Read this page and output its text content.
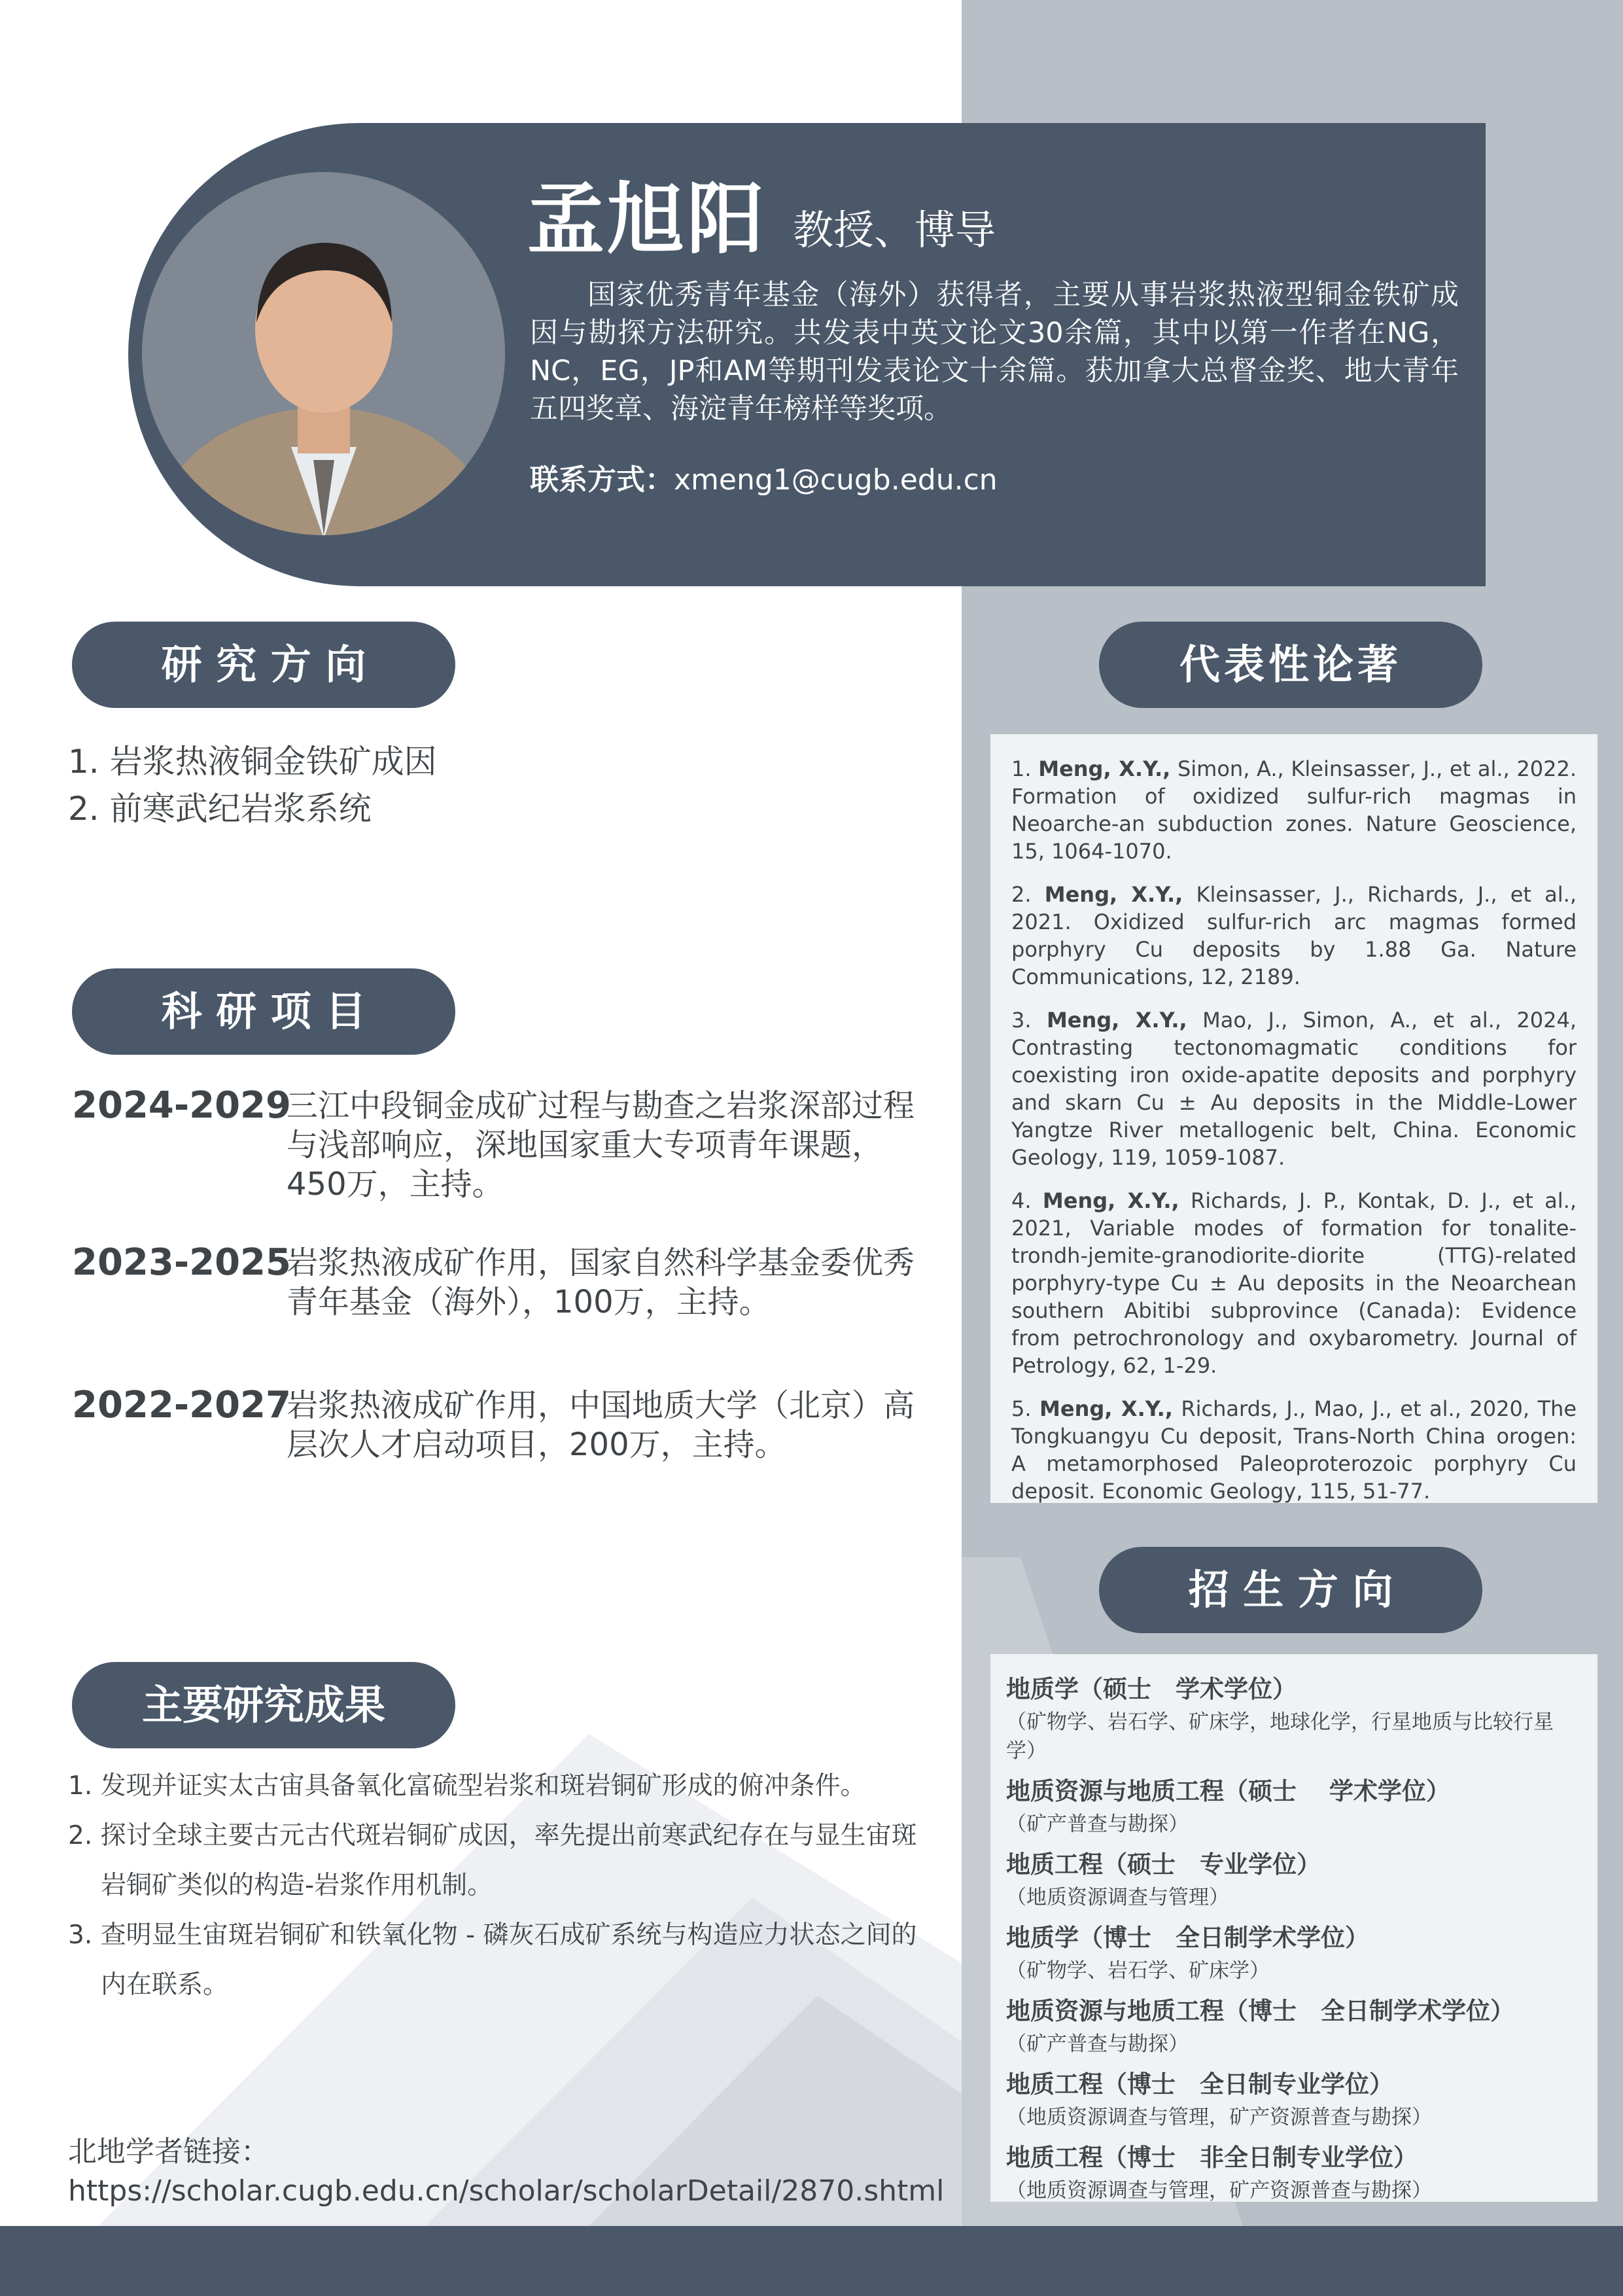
孟旭阳 教授、博导
国家优秀青年基金（海外）获得者，主要从事岩浆热液型铜金铁矿成因与勘探方法研究。共发表中英文论文30余篇，其中以第一作者在NG，NC，EG，JP和AM等期刊发表论文十余篇。获加拿大总督金奖、地大青年五四奖章、海淀青年榜样等奖项。
联系方式：xmeng1@cugb.edu.cn
研 究 方 向
1. 岩浆热液铜金铁矿成因
2. 前寒武纪岩浆系统
科 研 项 目
2024-2029
三江中段铜金成矿过程与勘查之岩浆深部过程与浅部响应，深地国家重大专项青年课题，450万，主持。
2023-2025
岩浆热液成矿作用，国家自然科学基金委优秀青年基金（海外），100万，主持。
2022-2027
岩浆热液成矿作用，中国地质大学（北京）高层次人才启动项目，200万，主持。
主要研究成果
1. 发现并证实太古宙具备氧化富硫型岩浆和斑岩铜矿形成的俯冲条件。
2. 探讨全球主要古元古代斑岩铜矿成因，率先提出前寒武纪存在与显生宙斑岩铜矿类似的构造-岩浆作用机制。
3. 查明显生宙斑岩铜矿和铁氧化物 - 磷灰石成矿系统与构造应力状态之间的内在联系。
北地学者链接：
https://scholar.cugb.edu.cn/scholar/scholarDetail/2870.shtml
代表性论著

1. Meng, X.Y., Simon, A., Kleinsasser, J., et al., 2022. Formation of oxidized sulfur-rich magmas in Neoarche-an subduction zones. Nature Geoscience, 15, 1064-1070.

2. Meng, X.Y., Kleinsasser, J., Richards, J., et al., 2021. Oxidized sulfur-rich arc magmas formed porphyry Cu deposits by 1.88 Ga. Nature Communications, 12, 2189.

3. Meng, X.Y., Mao, J., Simon, A., et al., 2024, Contrasting tectonomagmatic conditions for coexisting iron oxide-apatite deposits and porphyry and skarn Cu ± Au deposits in the Middle-Lower Yangtze River metallogenic belt, China. Economic Geology, 119, 1059-1087.

4. Meng, X.Y., Richards, J. P., Kontak, D. J., et al., 2021, Variable modes of formation for tonalite-trondh-jemite-granodiorite-diorite (TTG)-related porphyry-type Cu ± Au deposits in the Neoarchean southern Abitibi subprovince (Canada): Evidence from petrochronology and oxybarometry. Journal of Petrology, 62, 1-29.

5. Meng, X.Y., Richards, J., Mao, J., et al., 2020, The Tongkuangyu Cu deposit, Trans-North China orogen: A metamorphosed Paleoproterozoic porphyry Cu deposit. Economic Geology, 115, 51-77.

招 生 方 向
地质学（硕士　学术学位）
（矿物学、岩石学、矿床学，地球化学，行星地质与比较行星学）
地质资源与地质工程（硕士　 学术学位）
（矿产普查与勘探）
地质工程（硕士　专业学位）
（地质资源调查与管理）
地质学（博士　全日制学术学位）
（矿物学、岩石学、矿床学）
地质资源与地质工程（博士　全日制学术学位）
（矿产普查与勘探）
地质工程（博士　全日制专业学位）
（地质资源调查与管理，矿产资源普查与勘探）
地质工程（博士　非全日制专业学位）
（地质资源调查与管理，矿产资源普查与勘探）
